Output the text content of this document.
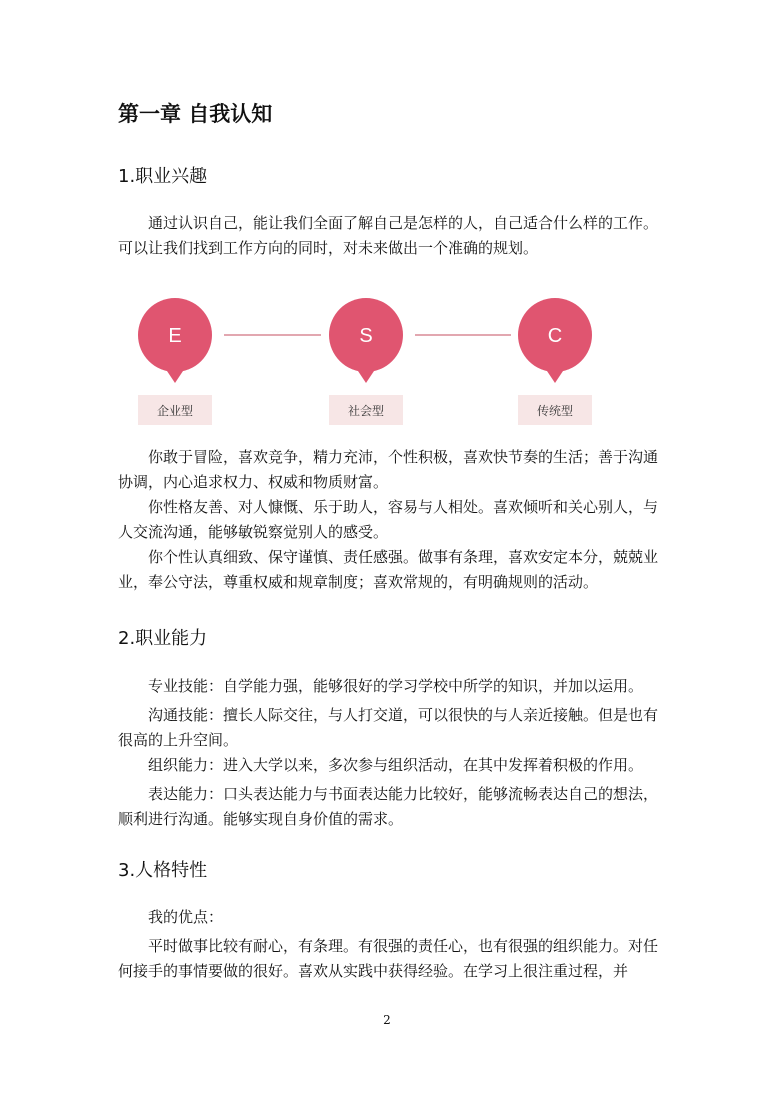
第一章 自我认知
1.职业兴趣

通过认识自己，能让我们全面了解自己是怎样的人，自己适合什么样的工作。可以让我们找到工作方向的同时，对未来做出一个准确的规划。

E
企业型
S
社会型
C
传统型

你敢于冒险，喜欢竞争，精力充沛，个性积极，喜欢快节奏的生活；善于沟通协调，内心追求权力、权威和物质财富。

你性格友善、对人慷慨、乐于助人，容易与人相处。喜欢倾听和关心别人，与人交流沟通，能够敏锐察觉别人的感受。

你个性认真细致、保守谨慎、责任感强。做事有条理，喜欢安定本分，兢兢业业，奉公守法，尊重权威和规章制度；喜欢常规的，有明确规则的活动。

2.职业能力

专业技能：自学能力强，能够很好的学习学校中所学的知识，并加以运用。

沟通技能：擅长人际交往，与人打交道，可以很快的与人亲近接触。但是也有很高的上升空间。

组织能力：进入大学以来，多次参与组织活动，在其中发挥着积极的作用。

表达能力：口头表达能力与书面表达能力比较好，能够流畅表达自己的想法，顺利进行沟通。能够实现自身价值的需求。

3.人格特性

我的优点：

平时做事比较有耐心，有条理。有很强的责任心，也有很强的组织能力。对任何接手的事情要做的很好。喜欢从实践中获得经验。在学习上很注重过程，并

2
